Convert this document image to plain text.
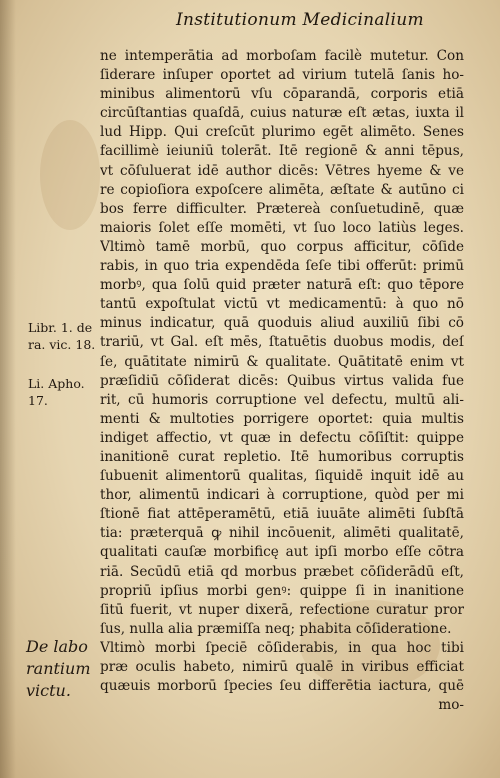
Institutionum Medicinalium
ne intemperātia ad morboſam facilè mutetur. Con
ſiderare inſuper oportet ad virium tutelā ſanis ho-
minibus alimentorū vſu cōparandā, corporis etiā
circūſtantias quaſdā, cuius naturæ eſt ætas, iuxta il
lud Hipp. Qui creſcūt plurimo egēt alimēto. Senes
facillimè ieiuniū tolerāt. Itē regionē & anni tēpus,
vt cōſuluerat idē author dicēs: Vētres hyeme & ve
re copioſiora expoſcere alimēta, æſtate & autūno ci
bos ferre difficulter. Prætereà conſuetudinē, quæ
maioris ſolet eſſe momēti, vt ſuo loco latiùs leges.
Vltimò tamē morbū, quo corpus afficitur, cōſide
rabis, in quo tria expendēda ſeſe tibi offerūt: primū
morbꝰ, qua ſolū quid præter naturā eſt: quo tēpore
tantū expoſtulat victū vt medicamentū: à quo nō
minus indicatur, quā quoduis aliud auxiliū ſibi cō
trariū, vt Gal. eſt mēs, ſtatuētis duobus modis, deſ
ſe, quātitate nimirū & qualitate. Quātitatē enim vt
præſidiū cōſiderat dicēs: Quibus virtus valida fue
rit, cū humoris corruptione vel defectu, multū ali-
menti & multoties porrigere oportet: quia multis
indiget affectio, vt quæ in defectu cōſiſtit: quippe
inanitionē curat repletio. Itē humoribus corruptis
ſubuenit alimentorū qualitas, ſiquidē inquit idē au
thor, alimentū indicari à corruptione, quòd per mi
ſtionē fiat attēperamētū, etiā iuuāte alimēti ſubſtā
tia: præterquā ꝙ nihil incōuenit, alimēti qualitatē,
qualitati cauſæ morbificę aut ipſi morbo eſſe cōtra
riā. Secūdū etiā qd morbus præbet cōſiderādū eſt,
propriū ipſius morbi genꝰ: quippe ſi in inanitione
ſitū fuerit, vt nuper dixerā, refectione curatur pror
ſus, nulla alia præmiſſa neq; phabita cōſideratione.
Vltimò morbi ſpeciē cōſiderabis, in qua hoc tibi
præ oculis habeto, nimirū qualē in viribus efficiat
quæuis morborū ſpecies ſeu differētia iactura, quē
mo-
Libr. 1. de
ra. vic. 18.
Li. Apho.
17.
De labo
rantium
victu.
